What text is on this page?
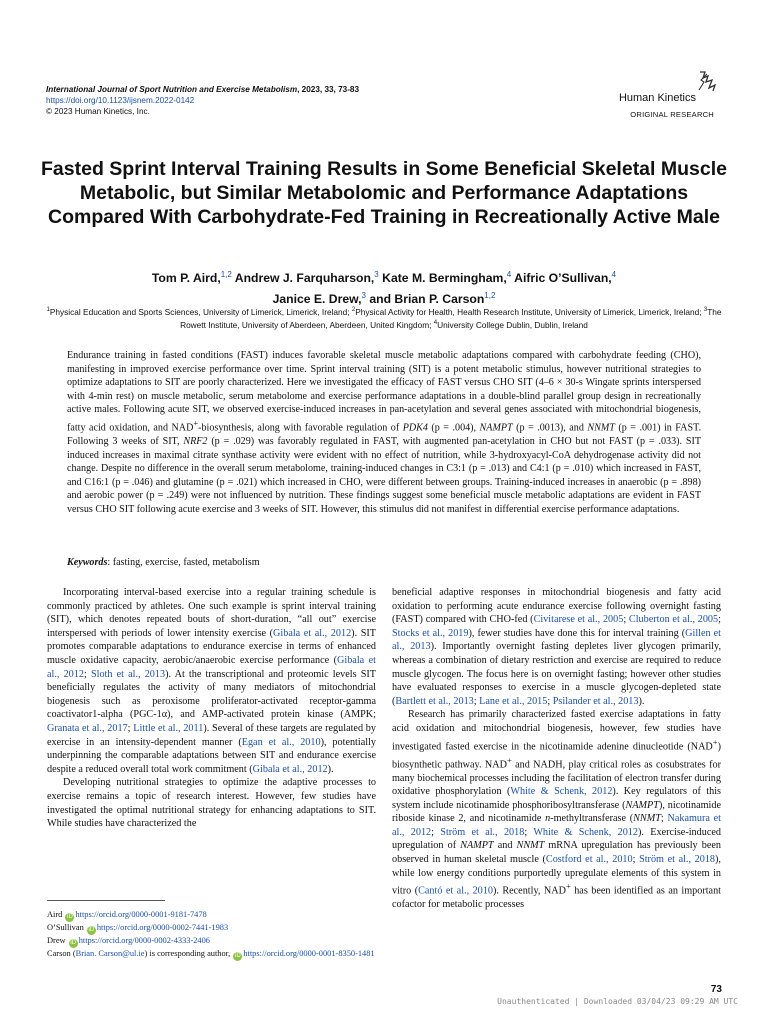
International Journal of Sport Nutrition and Exercise Metabolism, 2023, 33, 73-83
https://doi.org/10.1123/ijsnem.2022-0142
© 2023 Human Kinetics, Inc.
Human Kinetics
ORIGINAL RESEARCH
Fasted Sprint Interval Training Results in Some Beneficial Skeletal Muscle Metabolic, but Similar Metabolomic and Performance Adaptations Compared With Carbohydrate-Fed Training in Recreationally Active Male
Tom P. Aird,$^{1,2}$ Andrew J. Farquharson,$^3$ Kate M. Bermingham,$^4$ Aifric O’Sullivan,$^4$
Janice E. Drew,$^3$ and Brian P. Carson$^{1,2}$
$^1$Physical Education and Sports Sciences, University of Limerick, Limerick, Ireland; $^2$Physical Activity for Health, Health Research Institute, University of Limerick, Limerick, Ireland; $^3$The Rowett Institute, University of Aberdeen, Aberdeen, United Kingdom; $^4$University College Dublin, Dublin, Ireland
Endurance training in fasted conditions (FAST) induces favorable skeletal muscle metabolic adaptations compared with carbohydrate feeding (CHO), manifesting in improved exercise performance over time. Sprint interval training (SIT) is a potent metabolic stimulus, however nutritional strategies to optimize adaptations to SIT are poorly characterized. Here we investigated the efficacy of FAST versus CHO SIT (4–6 × 30-s Wingate sprints interspersed with 4-min rest) on muscle metabolic, serum metabolome and exercise performance adaptations in a double-blind parallel group design in recreationally active males. Following acute SIT, we observed exercise-induced increases in pan-acetylation and several genes associated with mitochondrial biogenesis, fatty acid oxidation, and NAD+-biosynthesis, along with favorable regulation of PDK4 (p = .004), NAMPT (p = .0013), and NNMT (p = .001) in FAST. Following 3 weeks of SIT, NRF2 (p = .029) was favorably regulated in FAST, with augmented pan-acetylation in CHO but not FAST (p = .033). SIT induced increases in maximal citrate synthase activity were evident with no effect of nutrition, while 3-hydroxyacyl-CoA dehydrogenase activity did not change. Despite no difference in the overall serum metabolome, training-induced changes in C3:1 (p = .013) and C4:1 (p = .010) which increased in FAST, and C16:1 (p = .046) and glutamine (p = .021) which increased in CHO, were different between groups. Training-induced increases in anaerobic (p = .898) and aerobic power (p = .249) were not influenced by nutrition. These findings suggest some beneficial muscle metabolic adaptations are evident in FAST versus CHO SIT following acute exercise and 3 weeks of SIT. However, this stimulus did not manifest in differential exercise performance adaptations.
Keywords: fasting, exercise, fasted, metabolism

Incorporating interval-based exercise into a regular training schedule is commonly practiced by athletes. One such example is sprint interval training (SIT), which denotes repeated bouts of short-duration, “all out” exercise interspersed with periods of lower intensity exercise (Gibala et al., 2012). SIT promotes comparable adaptations to endurance exercise in terms of enhanced muscle oxidative capacity, aerobic/anaerobic exercise performance (Gibala et al., 2012; Sloth et al., 2013). At the transcriptional and proteomic levels SIT beneficially regulates the activity of many mediators of mitochondrial biogenesis such as peroxisome proliferator-activated receptor-gamma coactivator1-alpha (PGC-1α), and AMP-activated protein kinase (AMPK; Granata et al., 2017; Little et al., 2011). Several of these targets are regulated by exercise in an intensity-dependent manner (Egan et al., 2010), potentially underpinning the comparable adaptations between SIT and endurance exercise despite a reduced overall total work commitment (Gibala et al., 2012).

Developing nutritional strategies to optimize the adaptive processes to exercise remains a topic of research interest. However, few studies have investigated the optimal nutritional strategy for enhancing adaptations to SIT. While studies have characterized the

beneficial adaptive responses in mitochondrial biogenesis and fatty acid oxidation to performing acute endurance exercise following overnight fasting (FAST) compared with CHO-fed (Civitarese et al., 2005; Cluberton et al., 2005; Stocks et al., 2019), fewer studies have done this for interval training (Gillen et al., 2013). Importantly overnight fasting depletes liver glycogen primarily, whereas a combination of dietary restriction and exercise are required to reduce muscle glycogen. The focus here is on overnight fasting; however other studies have evaluated responses to exercise in a muscle glycogen-depleted state (Bartlett et al., 2013; Lane et al., 2015; Psilander et al., 2013).

Research has primarily characterized fasted exercise adaptations in fatty acid oxidation and mitochondrial biogenesis, however, few studies have investigated fasted exercise in the nicotinamide adenine dinucleotide (NAD+) biosynthetic pathway. NAD+ and NADH, play critical roles as cosubstrates for many biochemical processes including the facilitation of electron transfer during oxidative phosphorylation (White & Schenk, 2012). Key regulators of this system include nicotinamide phosphoribosyltransferase (NAMPT), nicotinamide riboside kinase 2, and nicotinamide n-methyltransferase (NNMT; Nakamura et al., 2012; Ström et al., 2018; White & Schenk, 2012). Exercise-induced upregulation of NAMPT and NNMT mRNA upregulation has previously been observed in human skeletal muscle (Costford et al., 2010; Ström et al., 2018), while low energy conditions purportedly upregulate elements of this system in vitro (Cantó et al., 2010). Recently, NAD+ has been identified as an important cofactor for metabolic processes

Aird iD https://orcid.org/0000-0001-9181-7478
O’Sullivan iD https://orcid.org/0000-0002-7441-1983
Drew iD https://orcid.org/0000-0002-4333-2406
Carson (Brian. Carson@ul.ie) is corresponding author, iD https://orcid.org/0000-0001-8350-1481
73
Unauthenticated | Downloaded 03/04/23 09:29 AM UTC
